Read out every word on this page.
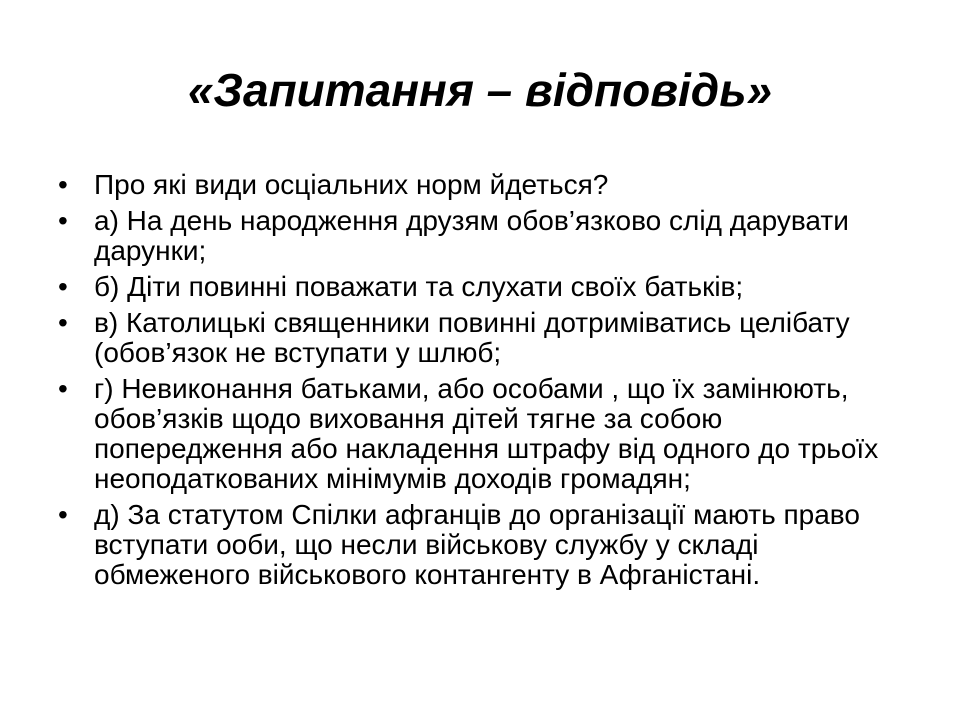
«Запитання – відповідь»
• Про які види осціальних норм йдеться?
• а) На день народження друзям обов’язково слід дарувати дарунки;
• б) Діти повинні поважати та слухати своїх батьків;
• в) Католицькі священники повинні дотриміватись целібату (обов’язок не вступати у шлюб;
• г) Невиконання батьками, або особами , що їх замінюють, обов’язків щодо виховання дітей тягне за собою попередження або накладення штрафу від одного до трьоїх неоподаткованих мінімумів доходів громадян;
• д) За статутом Спілки афганців до організації мають право вступати ооби, що несли військову службу у складі обмеженого військового контангенту в Афганістані.
